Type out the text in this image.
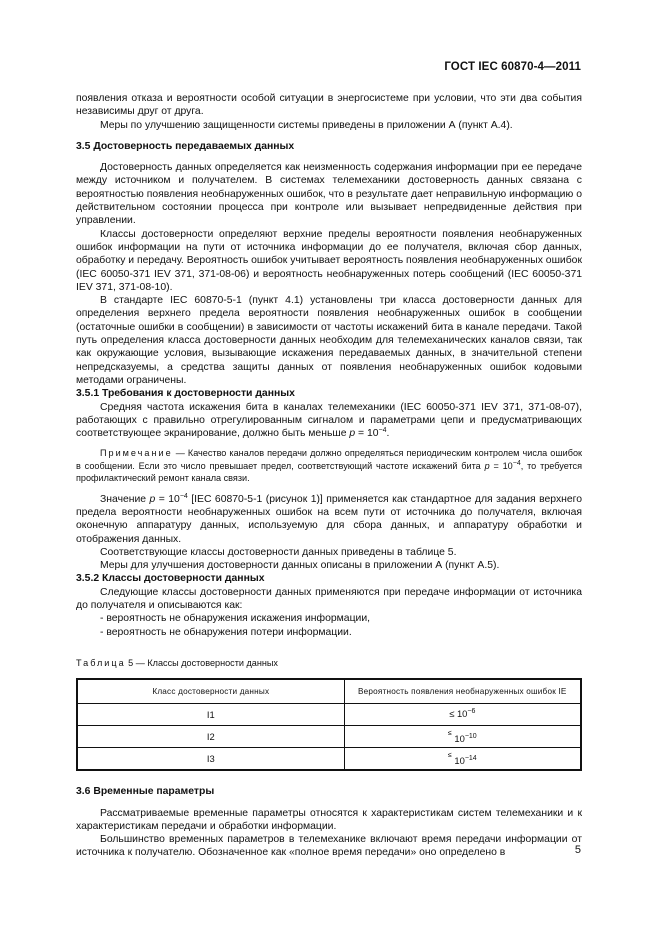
ГОСТ IEC 60870-4—2011

появления отказа и вероятности особой ситуации в энергосистеме при условии, что эти два события независимы друг от друга.

Меры по улучшению защищенности системы приведены в приложении А (пункт А.4).

3.5 Достоверность передаваемых данных

Достоверность данных определяется как неизменность содержания информации при ее передаче между источником и получателем. В системах телемеханики достоверность данных связана с вероятностью появления необнаруженных ошибок, что в результате дает неправильную информацию о действительном состоянии процесса при контроле или вызывает непредвиденные действия при управлении.

Классы достоверности определяют верхние пределы вероятности появления необнаруженных ошибок информации на пути от источника информации до ее получателя, включая сбор данных, обработку и передачу. Вероятность ошибок учитывает вероятность появления необнаруженных ошибок (IEC 60050-371 IEV 371, 371-08-06) и вероятность необнаруженных потерь сообщений (IEC 60050-371 IEV 371, 371-08-10).

В стандарте IEC 60870-5-1 (пункт 4.1) установлены три класса достоверности данных для определения верхнего предела вероятности появления необнаруженных ошибок в сообщении (остаточные ошибки в сообщении) в зависимости от частоты искажений бита в канале передачи. Такой путь определения класса достоверности данных необходим для телемеханических каналов связи, так как окружающие условия, вызывающие искажения передаваемых данных, в значительной степени непредсказуемы, а средства защиты данных от появления необнаруженных ошибок кодовыми методами ограничены.

3.5.1 Требования к достоверности данных

Средняя частота искажения бита в каналах телемеханики (IEC 60050-371 IEV 371, 371-08-07), работающих с правильно отрегулированным сигналом и параметрами цепи и предусматривающих соответствующее экранирование, должно быть меньше $p = 10^{-4}$.

Примечание — Качество каналов передачи должно определяться периодическим контролем числа ошибок в сообщении. Если это число превышает предел, соответствующий частоте искажений бита $p = 10^{-4}$, то требуется профилактический ремонт канала связи.

Значение $p = 10^{-4}$ [IEC 60870-5-1 (рисунок 1)] применяется как стандартное для задания верхнего предела вероятности необнаруженных ошибок на всем пути от источника до получателя, включая оконечную аппаратуру данных, используемую для сбора данных, и аппаратуру обработки и отображения данных.

Соответствующие классы достоверности данных приведены в таблице 5.

Меры для улучшения достоверности данных описаны в приложении А (пункт А.5).

3.5.2 Классы достоверности данных

Следующие классы достоверности данных применяются при передаче информации от источника до получателя и описываются как:

- вероятность не обнаружения искажения информации,

- вероятность не обнаружения потери информации.

Таблица 5 — Классы достоверности данных

Класс достоверности данных	Вероятность появления необнаруженных ошибок IE
I1	≤ $10^{-6}$
I2	≤ 10−10
I3	≤ 10−14

3.6 Временные параметры

Рассматриваемые временные параметры относятся к характеристикам систем телемеханики и к характеристикам передачи и обработки информации.

Большинство временных параметров в телемеханике включают время передачи информации от источника к получателю. Обозначенное как «полное время передачи» оно определено в	5
